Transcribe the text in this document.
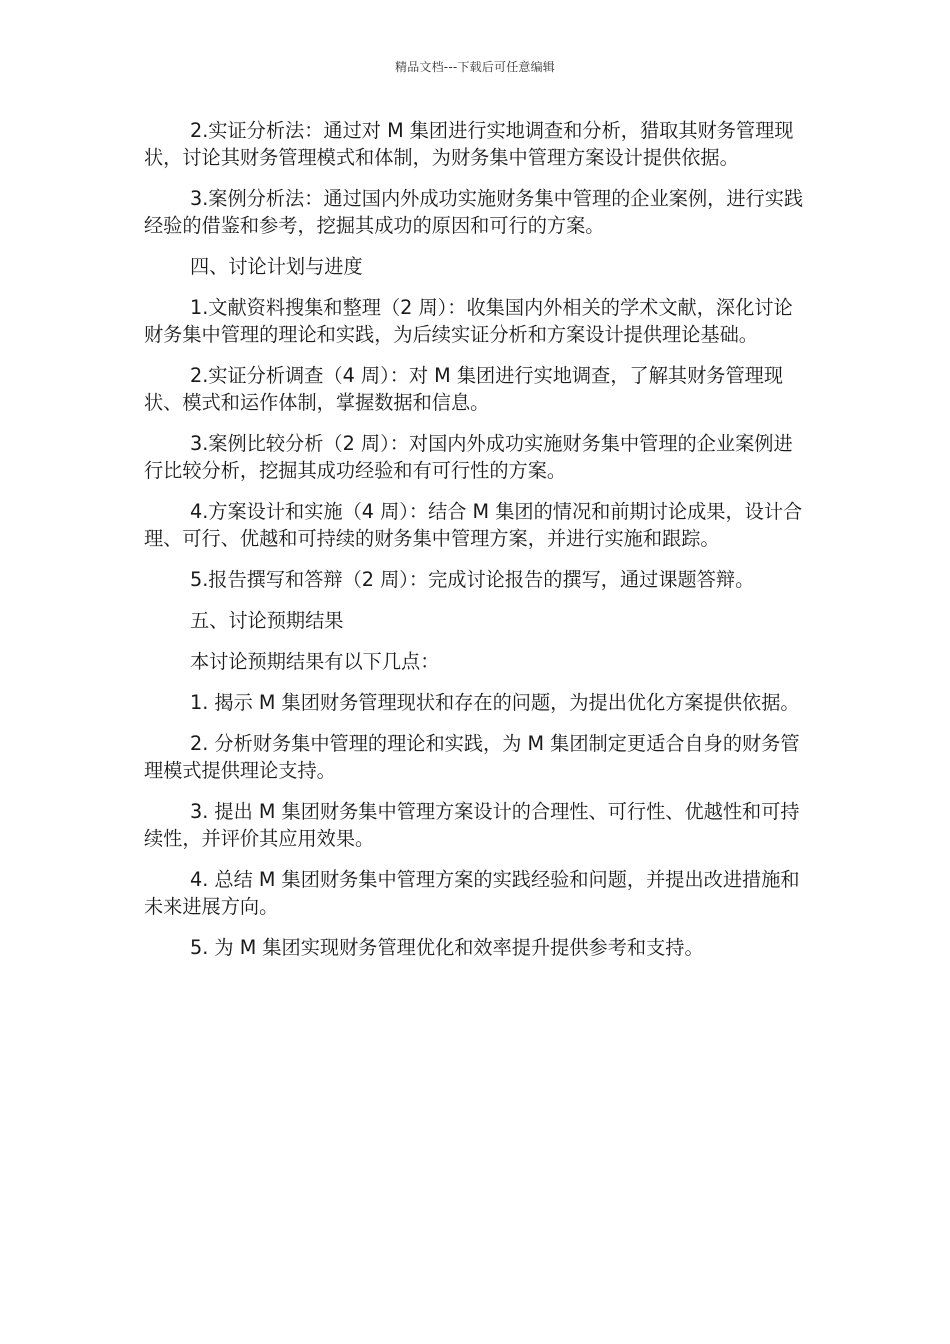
精品文档---下载后可任意编辑

2.实证分析法：通过对 M 集团进行实地调查和分析，猎取其财务管理现状，讨论其财务管理模式和体制，为财务集中管理方案设计提供依据。

3.案例分析法：通过国内外成功实施财务集中管理的企业案例，进行实践经验的借鉴和参考，挖掘其成功的原因和可行的方案。

四、讨论计划与进度

1.文献资料搜集和整理（2 周）：收集国内外相关的学术文献，深化讨论财务集中管理的理论和实践，为后续实证分析和方案设计提供理论基础。

2.实证分析调查（4 周）：对 M 集团进行实地调查，了解其财务管理现状、模式和运作体制，掌握数据和信息。

3.案例比较分析（2 周）：对国内外成功实施财务集中管理的企业案例进行比较分析，挖掘其成功经验和有可行性的方案。

4.方案设计和实施（4 周）：结合 M 集团的情况和前期讨论成果，设计合理、可行、优越和可持续的财务集中管理方案，并进行实施和跟踪。

5.报告撰写和答辩（2 周）：完成讨论报告的撰写，通过课题答辩。

五、讨论预期结果

本讨论预期结果有以下几点：

1. 揭示 M 集团财务管理现状和存在的问题，为提出优化方案提供依据。

2. 分析财务集中管理的理论和实践，为 M 集团制定更适合自身的财务管理模式提供理论支持。

3. 提出 M 集团财务集中管理方案设计的合理性、可行性、优越性和可持续性，并评价其应用效果。

4. 总结 M 集团财务集中管理方案的实践经验和问题，并提出改进措施和未来进展方向。

5. 为 M 集团实现财务管理优化和效率提升提供参考和支持。
